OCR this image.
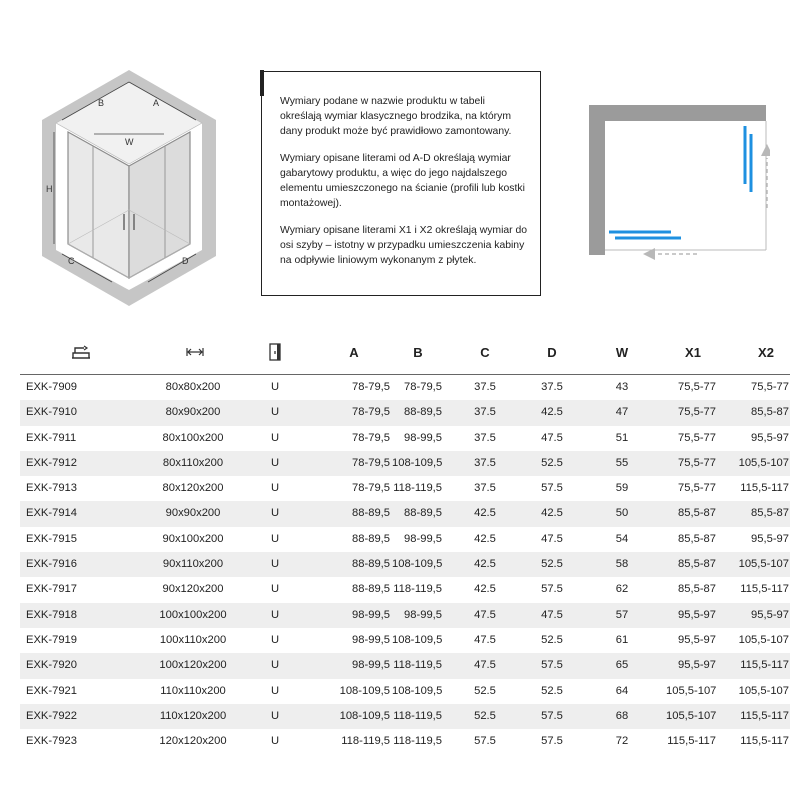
B	A
W
H
C	D

Wymiary podane w nazwie produktu w tabeli określają wymiar klasycznego brodzika, na którym dany produkt może być prawidłowo zamontowany.

Wymiary opisane literami od A-D określają wymiar gabarytowy produktu, a więc do jego najdalszego elementu umieszczonego na ścianie (profili lub kostki montażowej).

Wymiary opisane literami X1 i X2 określają wymiar do osi szyby – istotny w przypadku umieszczenia kabiny na odpływie liniowym wykonanym z płytek.

A	B	C	D	W	X1	X2
EXK-7909	80x80x200	U	78-79,5	78-79,5	37.5	37.5	43	75,5-77	75,5-77
EXK-7910	80x90x200	U	78-79,5	88-89,5	37.5	42.5	47	75,5-77	85,5-87
EXK-7911	80x100x200	U	78-79,5	98-99,5	37.5	47.5	51	75,5-77	95,5-97
EXK-7912	80x110x200	U	78-79,5 108-109,5	37.5	52.5	55	75,5-77 105,5-107
EXK-7913	80x120x200	U	78-79,5 118-119,5	37.5	57.5	59	75,5-77	115,5-117
EXK-7914	90x90x200	U	88-89,5	88-89,5	42.5	42.5	50	85,5-87	85,5-87
EXK-7915	90x100x200	U	88-89,5	98-99,5	42.5	47.5	54	85,5-87	95,5-97
EXK-7916	90x110x200	U	88-89,5 108-109,5	42.5	52.5	58	85,5-87 105,5-107
EXK-7917	90x120x200	U	88-89,5 118-119,5	42.5	57.5	62	85,5-87	115,5-117
EXK-7918	100x100x200	U	98-99,5	98-99,5	47.5	47.5	57	95,5-97	95,5-97
EXK-7919	100x110x200	U	98-99,5 108-109,5	47.5	52.5	61	95,5-97 105,5-107
EXK-7920	100x120x200	U	98-99,5 118-119,5	47.5	57.5	65	95,5-97	115,5-117
EXK-7921	110x110x200	U	108-109,5 108-109,5	52.5	52.5	64	105,5-107 105,5-107
EXK-7922	110x120x200	U	108-109,5 118-119,5	52.5	57.5	68	105,5-107	115,5-117
EXK-7923	120x120x200	U	118-119,5 118-119,5	57.5	57.5	72	115,5-117	115,5-117
